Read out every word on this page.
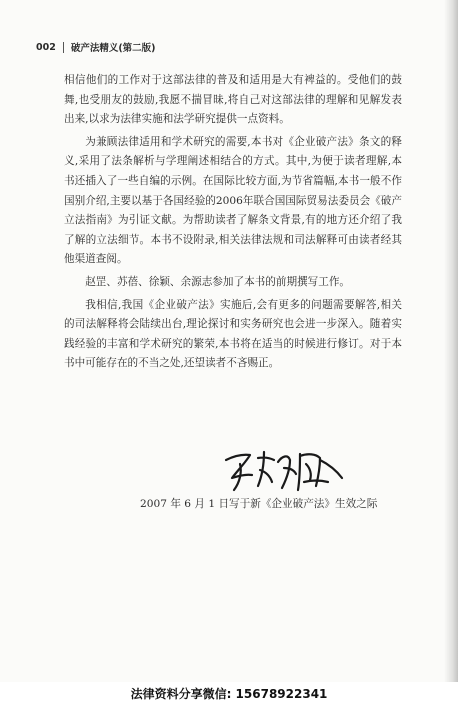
002 破产法精义(第二版)

相信他们的工作对于这部法律的普及和适用是大有裨益的。受他们的鼓舞,也受朋友的鼓励,我愿不揣冒昧,将自己对这部法律的理解和见解发表出来,以求为法律实施和法学研究提供一点资料。

为兼顾法律适用和学术研究的需要,本书对《企业破产法》条文的释义,采用了法条解析与学理阐述相结合的方式。其中,为便于读者理解,本书还插入了一些自编的示例。在国际比较方面,为节省篇幅,本书一般不作国别介绍,主要以基于各国经验的2006年联合国国际贸易法委员会《破产立法指南》为引证文献。为帮助读者了解条文背景,有的地方还介绍了我了解的立法细节。本书不设附录,相关法律法规和司法解释可由读者经其他渠道查阅。

赵罡、苏蓓、徐颖、余源志参加了本书的前期撰写工作。

我相信,我国《企业破产法》实施后,会有更多的问题需要解答,相关的司法解释将会陆续出台,理论探讨和实务研究也会进一步深入。随着实践经验的丰富和学术研究的繁荣,本书将在适当的时候进行修订。对于本书中可能存在的不当之处,还望读者不吝赐正。

2007 年 6 月 1 日写于新《企业破产法》生效之际
法律资料分享微信: 15678922341
